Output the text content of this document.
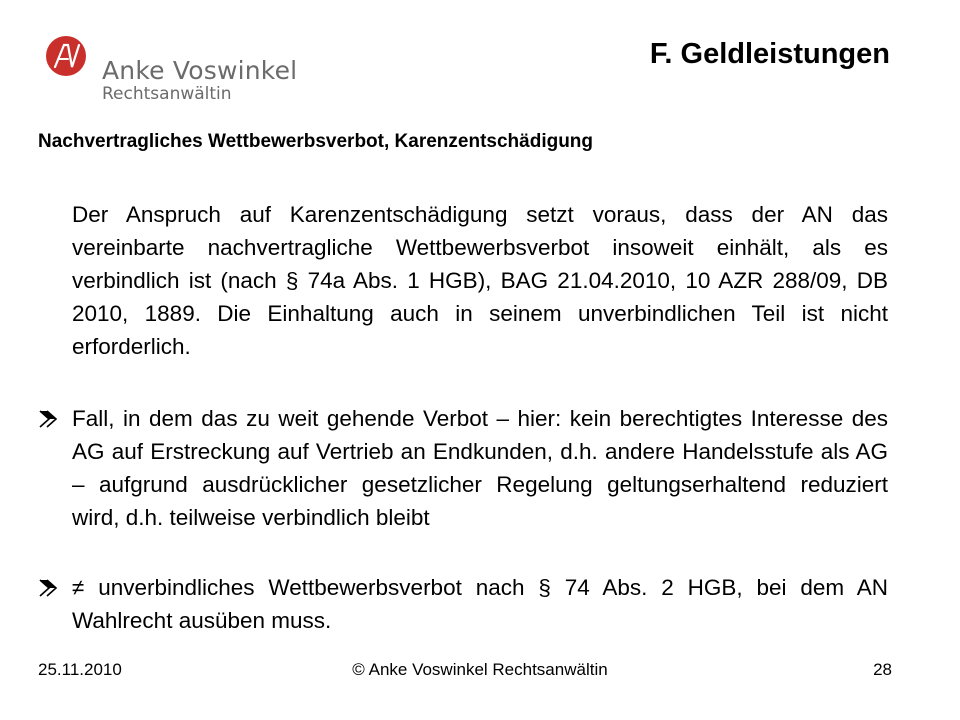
Anke Voswinkel
Rechtsanwältin
F. Geldleistungen
Nachvertragliches Wettbewerbsverbot, Karenzentschädigung

Der Anspruch auf Karenzentschädigung setzt voraus, dass der AN das vereinbarte nachvertragliche Wettbewerbsverbot insoweit einhält, als es verbindlich ist (nach § 74a Abs. 1 HGB), BAG 21.04.2010, 10 AZR 288/09, DB 2010, 1889. Die Einhaltung auch in seinem unverbindlichen Teil ist nicht erforderlich.

Fall, in dem das zu weit gehende Verbot – hier: kein berechtigtes Interesse des AG auf Erstreckung auf Vertrieb an Endkunden, d.h. andere Handelsstufe als AG – aufgrund ausdrücklicher gesetzlicher Regelung geltungserhaltend reduziert wird, d.h. teilweise verbindlich bleibt

≠ unverbindliches Wettbewerbsverbot nach § 74 Abs. 2 HGB, bei dem AN Wahlrecht ausüben muss.

25.11.2010	© Anke Voswinkel Rechtsanwältin	28
